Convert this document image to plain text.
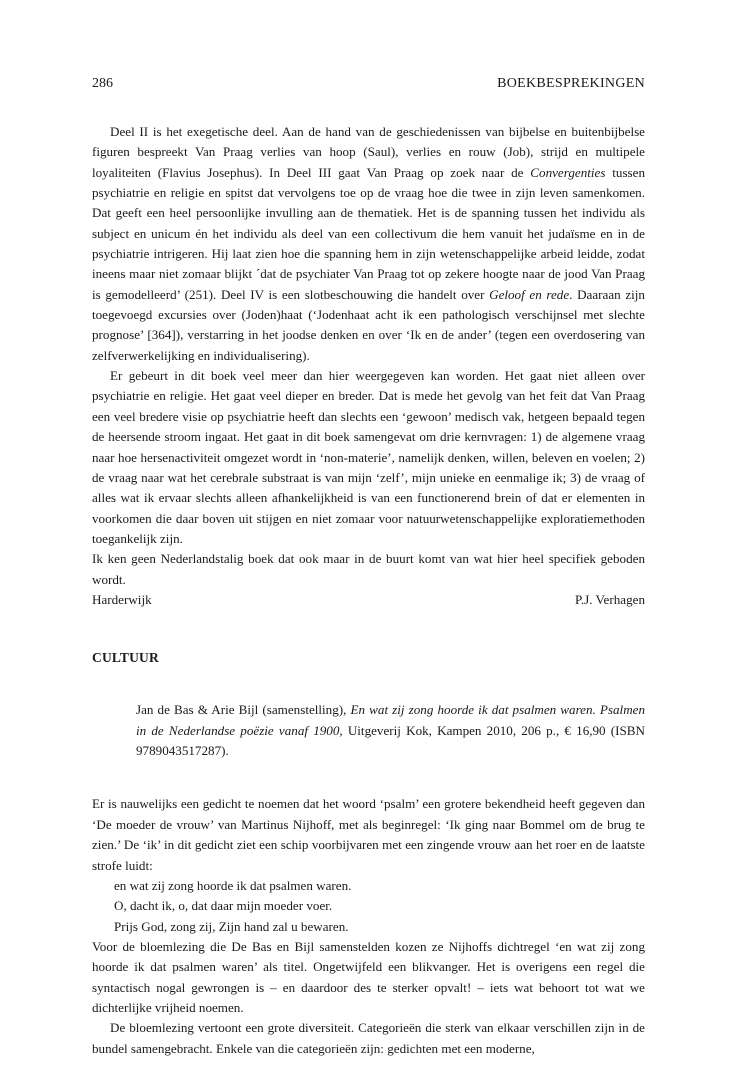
286	BOEKBESPREKINGEN

Deel II is het exegetische deel. Aan de hand van de geschiedenissen van bijbelse en buitenbijbelse figuren bespreekt Van Praag verlies van hoop (Saul), verlies en rouw (Job), strijd en multipele loyaliteiten (Flavius Josephus). In Deel III gaat Van Praag op zoek naar de Convergenties tussen psychiatrie en religie en spitst dat vervolgens toe op de vraag hoe die twee in zijn leven samenkomen. Dat geeft een heel persoonlijke invulling aan de thematiek. Het is de spanning tussen het individu als subject en unicum én het individu als deel van een collectivum die hem vanuit het judaïsme en in de psychiatrie intrigeren. Hij laat zien hoe die spanning hem in zijn wetenschappelijke arbeid leidde, zodat ineens maar niet zomaar blijkt ´dat de psychiater Van Praag tot op zekere hoogte naar de jood Van Praag is gemodelleerd’ (251). Deel IV is een slotbeschouwing die handelt over Geloof en rede. Daaraan zijn toegevoegd excursies over (Joden)haat (‘Jodenhaat acht ik een pathologisch verschijnsel met slechte prognose’ [364]), verstarring in het joodse denken en over ‘Ik en de ander’ (tegen een overdosering van zelfverwerkelijking en individualisering).

Er gebeurt in dit boek veel meer dan hier weergegeven kan worden. Het gaat niet alleen over psychiatrie en religie. Het gaat veel dieper en breder. Dat is mede het gevolg van het feit dat Van Praag een veel bredere visie op psychiatrie heeft dan slechts een ‘gewoon’ medisch vak, hetgeen bepaald tegen de heersende stroom ingaat. Het gaat in dit boek samengevat om drie kernvragen: 1) de algemene vraag naar hoe hersenactiviteit omgezet wordt in ‘non-materie’, namelijk denken, willen, beleven en voelen; 2) de vraag naar wat het cerebrale substraat is van mijn ‘zelf’, mijn unieke en eenmalige ik; 3) de vraag of alles wat ik ervaar slechts alleen afhankelijkheid is van een functionerend brein of dat er elementen in voorkomen die daar boven uit stijgen en niet zomaar voor natuurwetenschappelijke exploratiemethoden toegankelijk zijn.

Ik ken geen Nederlandstalig boek dat ook maar in de buurt komt van wat hier heel specifiek geboden wordt.

Harderwijk	P.J. Verhagen

CULTUUR

Jan de Bas & Arie Bijl (samenstelling), En wat zij zong hoorde ik dat psalmen waren. Psalmen in de Nederlandse poëzie vanaf 1900, Uitgeverij Kok, Kampen 2010, 206 p., € 16,90 (ISBN 9789043517287).

Er is nauwelijks een gedicht te noemen dat het woord ‘psalm’ een grotere bekendheid heeft gegeven dan ‘De moeder de vrouw’ van Martinus Nijhoff, met als beginregel: ‘Ik ging naar Bommel om de brug te zien.’ De ‘ik’ in dit gedicht ziet een schip voorbijvaren met een zingende vrouw aan het roer en de laatste strofe luidt:

en wat zij zong hoorde ik dat psalmen waren.
O, dacht ik, o, dat daar mijn moeder voer.
Prijs God, zong zij, Zijn hand zal u bewaren.

Voor de bloemlezing die De Bas en Bijl samenstelden kozen ze Nijhoffs dichtregel ‘en wat zij zong hoorde ik dat psalmen waren’ als titel. Ongetwijfeld een blikvanger. Het is overigens een regel die syntactisch nogal gewrongen is – en daardoor des te sterker opvalt! – iets wat behoort tot wat we dichterlijke vrijheid noemen.

De bloemlezing vertoont een grote diversiteit. Categorieën die sterk van elkaar verschillen zijn in de bundel samengebracht. Enkele van die categorieën zijn: gedichten met een moderne,
